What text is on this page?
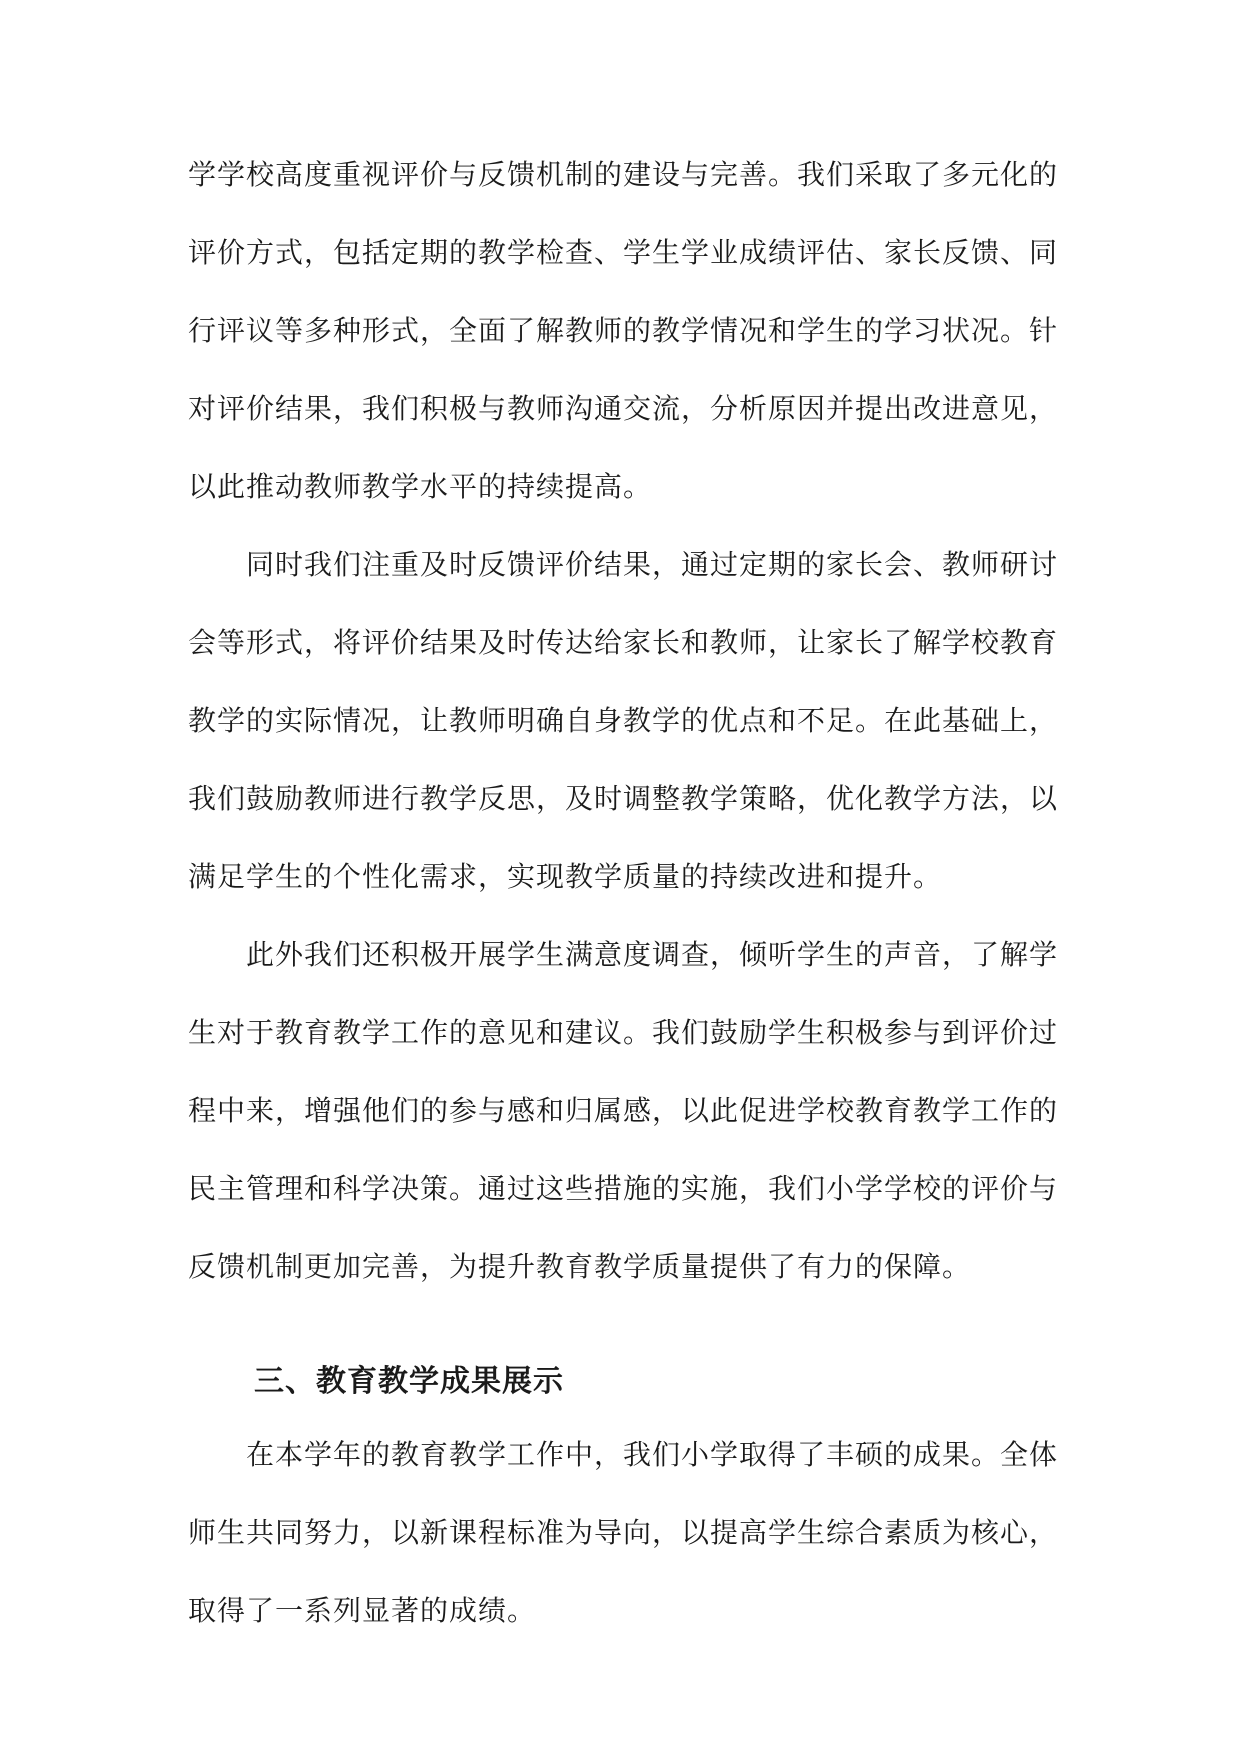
学学校高度重视评价与反馈机制的建设与完善。我们采取了多元化的评价方式，包括定期的教学检查、学生学业成绩评估、家长反馈、同行评议等多种形式，全面了解教师的教学情况和学生的学习状况。针对评价结果，我们积极与教师沟通交流，分析原因并提出改进意见，以此推动教师教学水平的持续提高。

同时我们注重及时反馈评价结果，通过定期的家长会、教师研讨会等形式，将评价结果及时传达给家长和教师，让家长了解学校教育教学的实际情况，让教师明确自身教学的优点和不足。在此基础上，我们鼓励教师进行教学反思，及时调整教学策略，优化教学方法，以满足学生的个性化需求，实现教学质量的持续改进和提升。

此外我们还积极开展学生满意度调查，倾听学生的声音，了解学生对于教育教学工作的意见和建议。我们鼓励学生积极参与到评价过程中来，增强他们的参与感和归属感，以此促进学校教育教学工作的民主管理和科学决策。通过这些措施的实施，我们小学学校的评价与反馈机制更加完善，为提升教育教学质量提供了有力的保障。

三、教育教学成果展示

在本学年的教育教学工作中，我们小学取得了丰硕的成果。全体师生共同努力，以新课程标准为导向，以提高学生综合素质为核心，取得了一系列显著的成绩。
